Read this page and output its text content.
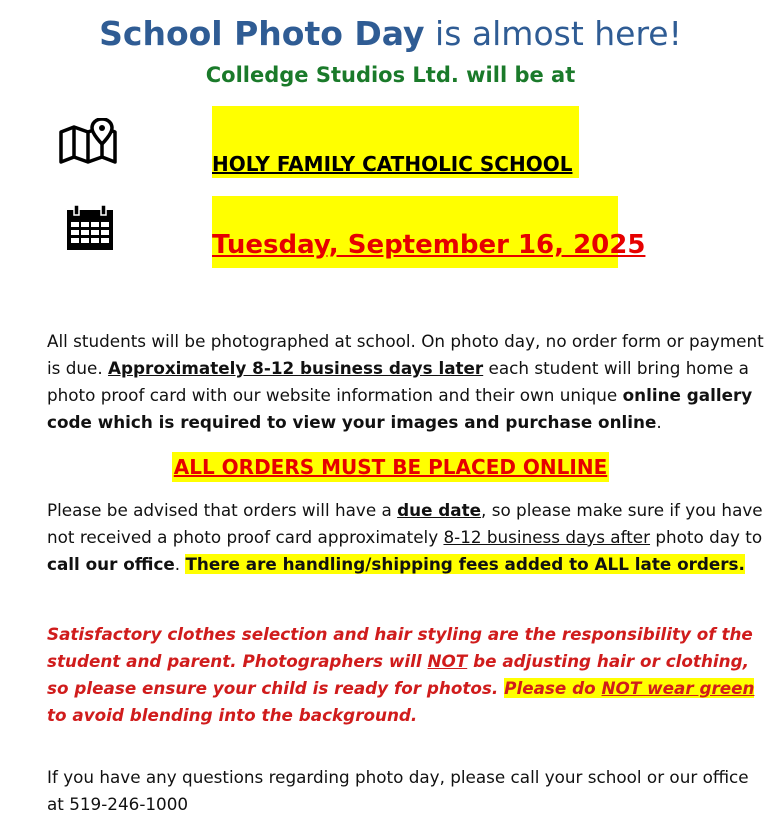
School Photo Day is almost here!
Colledge Studios Ltd. will be at
HOLY FAMILY CATHOLIC SCHOOL
Tuesday, September 16, 2025
All students will be photographed at school. On photo day, no order form or payment is due. Approximately 8-12 business days later each student will bring home a photo proof card with our website information and their own unique online gallery code which is required to view your images and purchase online.
ALL ORDERS MUST BE PLACED ONLINE
Please be advised that orders will have a due date, so please make sure if you have not received a photo proof card approximately 8-12 business days after photo day to call our office. There are handling/shipping fees added to ALL late orders.
Satisfactory clothes selection and hair styling are the responsibility of the student and parent. Photographers will NOT be adjusting hair or clothing, so please ensure your child is ready for photos. Please do NOT wear green to avoid blending into the background.
If you have any questions regarding photo day, please call your school or our office at 519-246-1000
